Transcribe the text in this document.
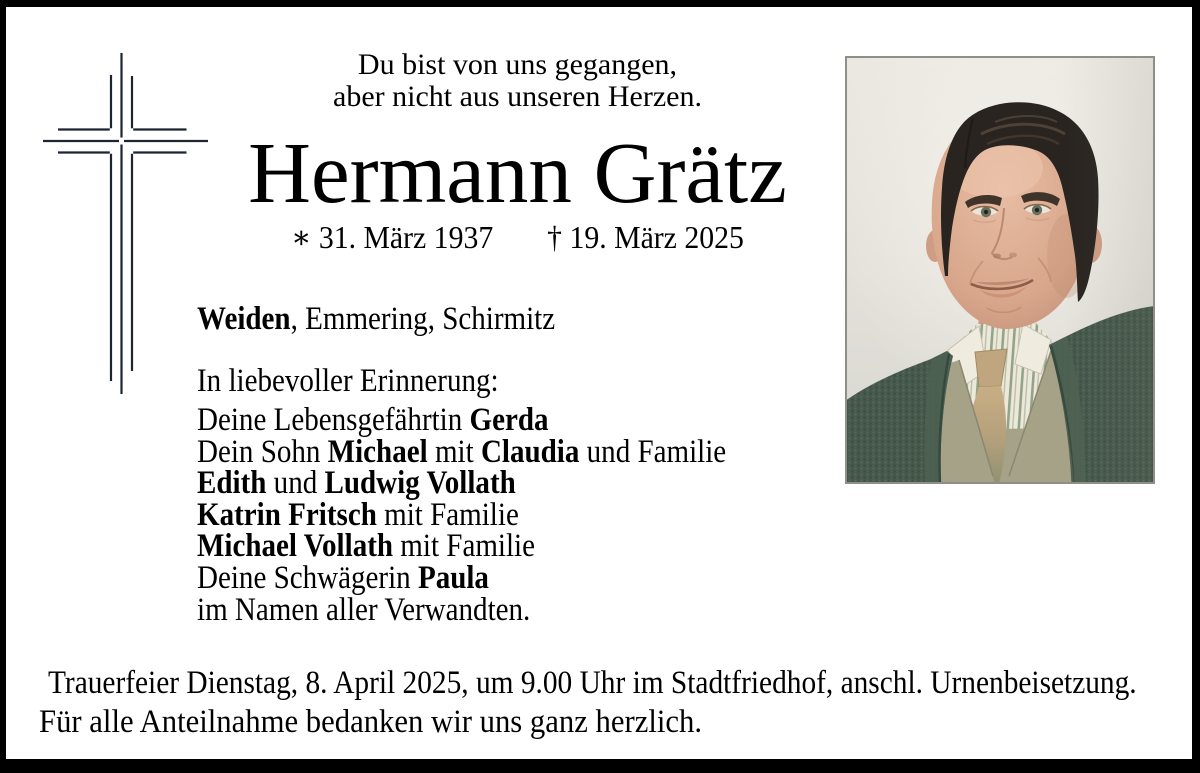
Du bist von uns gegangen,
aber nicht aus unseren Herzen.
Hermann Grätz
∗ 31. März 1937 † 19. März 2025
Weiden, Emmering, Schirmitz
In liebevoller Erinnerung:
Deine Lebensgefährtin Gerda
Dein Sohn Michael mit Claudia und Familie
Edith und Ludwig Vollath
Katrin Fritsch mit Familie
Michael Vollath mit Familie
Deine Schwägerin Paula
im Namen aller Verwandten.
Trauerfeier Dienstag, 8. April 2025, um 9.00 Uhr im Stadtfriedhof, anschl. Urnenbeisetzung.
Für alle Anteilnahme bedanken wir uns ganz herzlich.
